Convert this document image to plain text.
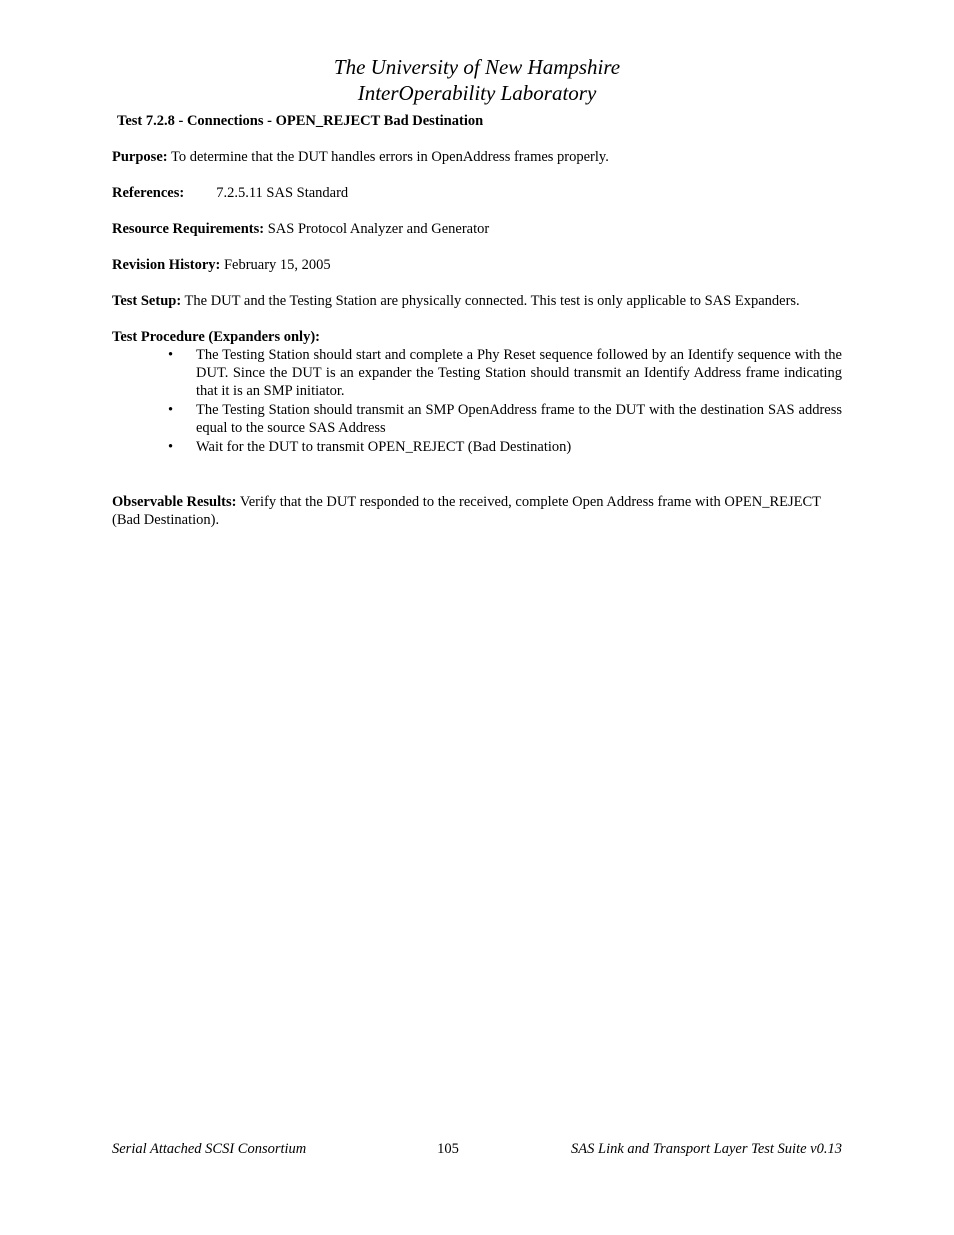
The University of New Hampshire
InterOperability Laboratory
Test 7.2.8 - Connections - OPEN_REJECT Bad Destination

Purpose: To determine that the DUT handles errors in OpenAddress frames properly.

References: 7.2.5.11 SAS Standard

Resource Requirements: SAS Protocol Analyzer and Generator

Revision History: February 15, 2005

Test Setup: The DUT and the Testing Station are physically connected. This test is only applicable to SAS Expanders.

Test Procedure (Expanders only):
• The Testing Station should start and complete a Phy Reset sequence followed by an Identify sequence with the DUT. Since the DUT is an expander the Testing Station should transmit an Identify Address frame indicating that it is an SMP initiator.
• The Testing Station should transmit an SMP OpenAddress frame to the DUT with the destination SAS address equal to the source SAS Address
• Wait for the DUT to transmit OPEN_REJECT (Bad Destination)

Observable Results: Verify that the DUT responded to the received, complete Open Address frame with OPEN_REJECT (Bad Destination).

Serial Attached SCSI Consortium	105	SAS Link and Transport Layer Test Suite v0.13
